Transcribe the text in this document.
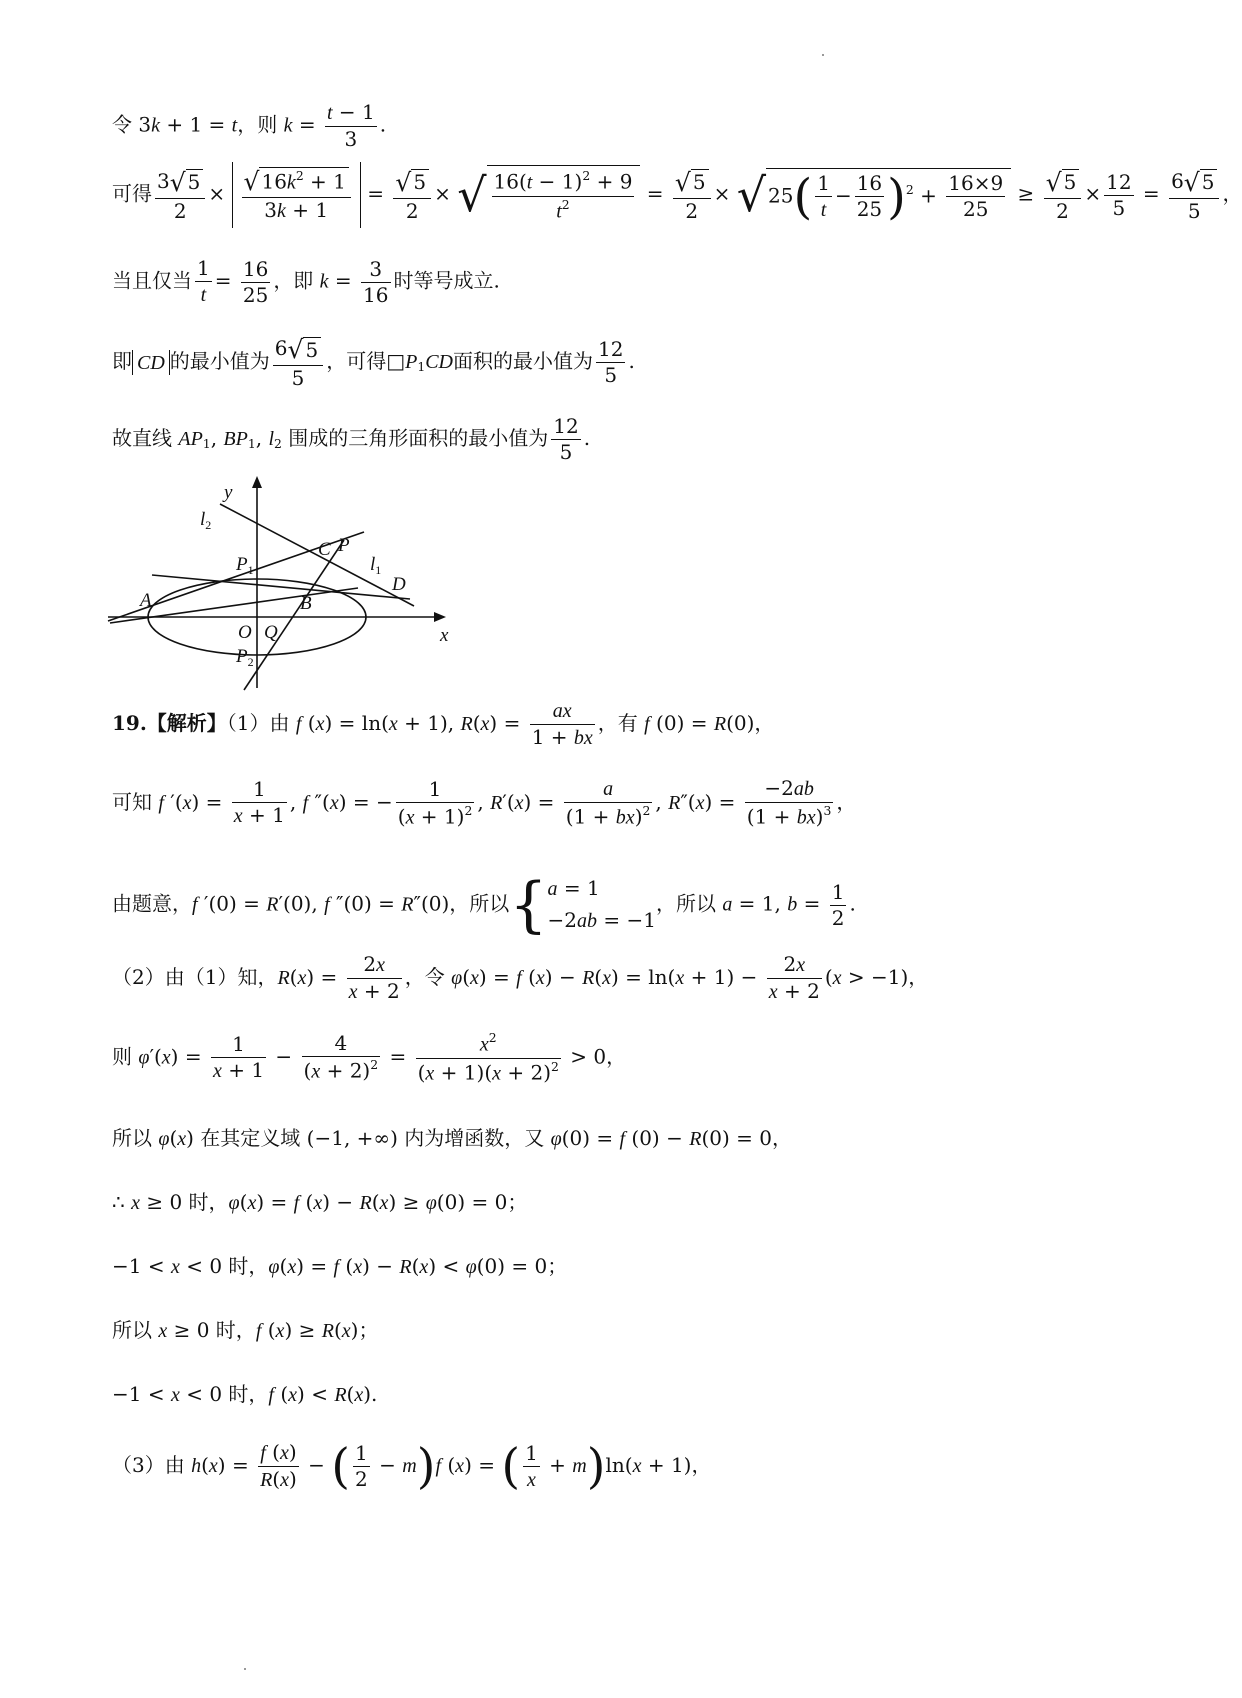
令 3k + 1 = t，则 $k = \frac{t - 1}{3}$ .
可得 $\frac{3√ 5}{2} \times \frac{√ 16k^2 + 1}{3k + 1} = \frac{√ 5}{2}$ × √ $\frac{16(t - 1)^2 + 9}{t^2} = \frac{√ 5}{2}$ × √ $25( \frac{1}{t} - \frac{16}{25} )^2 + \frac{16\times 9}{25} \ge \frac{√ 5}{2} \times \frac{12}{5} = \frac{6√ 5}{5}$ ，
当且仅当 $\frac{1}{t} = \frac{16}{25}$ ，即 $k = \frac{3}{16}$ 时等号成立.
即 CD 的最小值为 $\frac{6√ 5}{5}$ ，可得$□P_1CD$面积的最小值为 $\frac{12}{5}$ .
故直线 $AP_1$, $BP_1$, $l_2$ 围成的三角形面积的最小值为 $\frac{12}{5}$ .
y
x
$l_2$
$l_1$
C P
$P_1$
D
A	B
O Q
$P_2$
19.【解析】（1）由 f (x) = ln(x + 1), $R(x) = \frac{ax}{1 + bx}$ ，有 f (0) = R(0)，
可知 f $'(x) = \frac{1}{x + 1}$ , f ″(x) = − $\frac{1}{(x + 1)^2}$ , $R'(x) = \frac{a}{(1 + bx)^2}$ , $R''(x) = \frac{-2ab}{(1 + bx)^3}$ ，
由题意，f ′(0) = R′(0), f ″(0) = R″(0)，所以{ a = 1
−2ab = −1
，所以 a = 1, $b = \frac{1}{2}$ .
（2）由（1）知，$R(x) = \frac{2x}{x + 2}$ ，令 φ(x) = f $(x) - R(x) = \ln(x + 1) - \frac{2x}{x + 2} (x > -1)$，
则 $\varphi'(x) = \frac{1}{x + 1} - \frac{4}{(x + 2)^2} = \frac{x^2}{(x + 1)(x + 2)^2} > 0$，
所以 φ(x) 在其定义域 (−1, +∞) 内为增函数，又 φ(0) = f (0) − R(0) = 0，
∴ x ≥ 0 时，φ(x) = f (x) − R(x) ≥ φ(0) = 0；
−1 < x < 0 时，φ(x) = f (x) − R(x) < φ(0) = 0；
所以 x ≥ 0 时，f (x) ≥ R(x)；
−1 < x < 0 时，f (x) < R(x).
（3）由 $h(x) = \frac{f (x)}{R(x)}$ − ( $\frac{1}{2} - m)f$ (x) = ( $\frac{1}{x} + m)\ln(x + 1)$，
